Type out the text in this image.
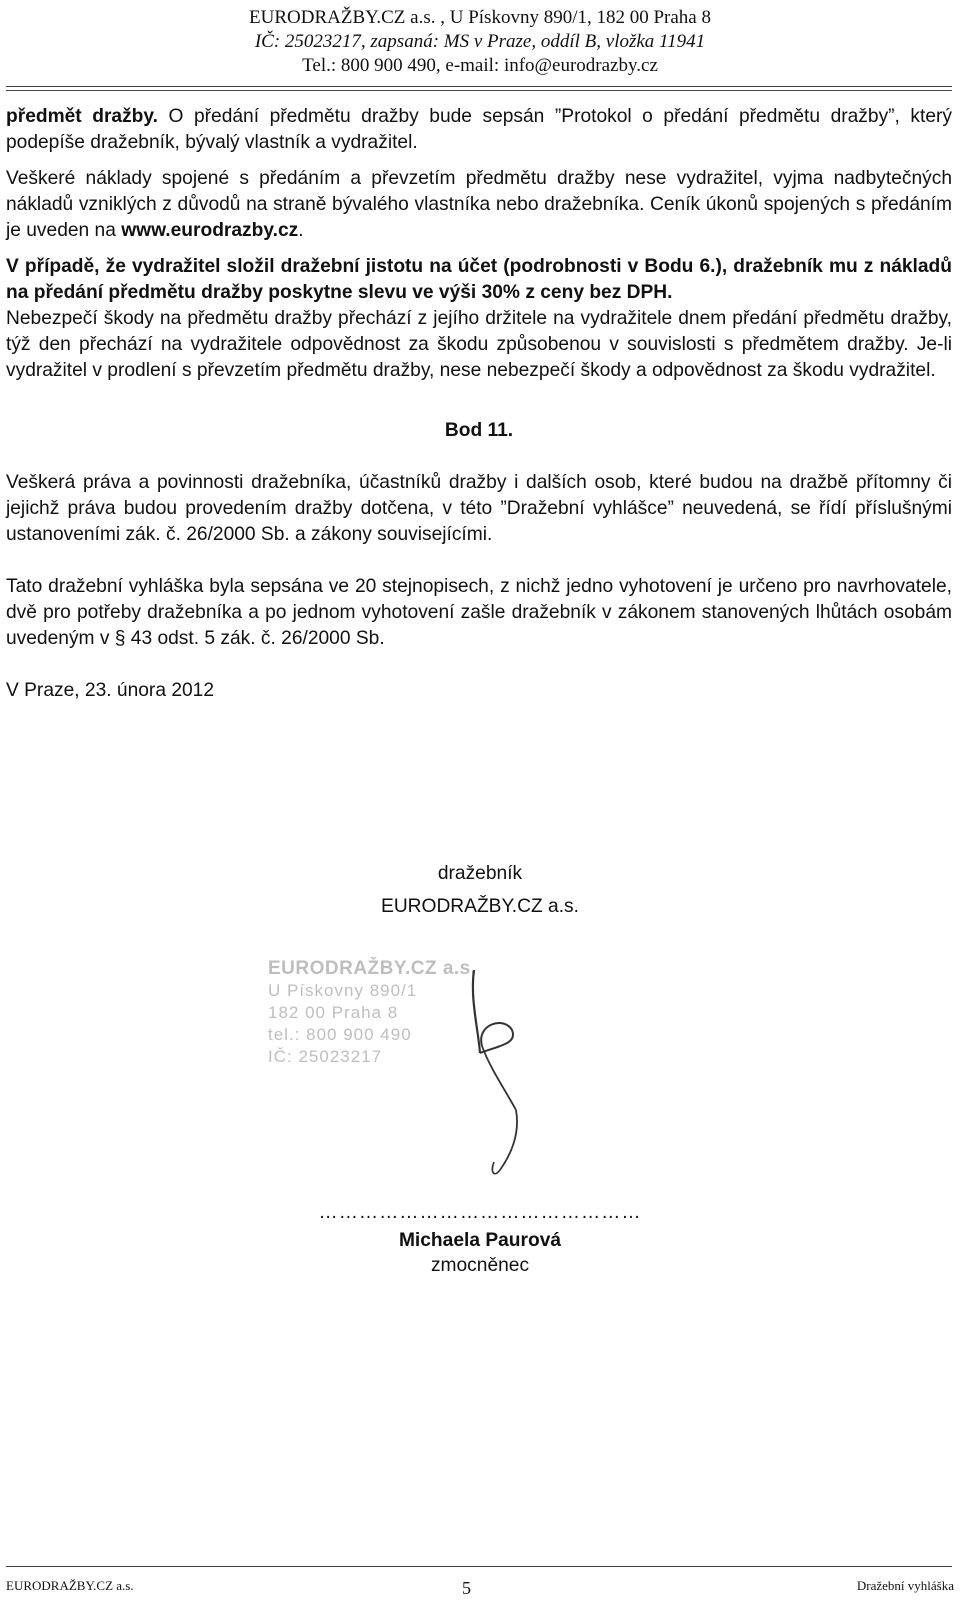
EURODRAŽBY.CZ a.s. , U Pískovny 890/1, 182 00 Praha 8
IČ: 25023217, zapsaná: MS v Praze, oddíl B, vložka 11941
Tel.: 800 900 490, e-mail: info@eurodrazby.cz

předmět dražby. O předání předmětu dražby bude sepsán ”Protokol o předání předmětu dražby”, který podepíše dražebník, bývalý vlastník a vydražitel.

Veškeré náklady spojené s předáním a převzetím předmětu dražby nese vydražitel, vyjma nadbytečných nákladů vzniklých z důvodů na straně bývalého vlastníka nebo dražebníka. Ceník úkonů spojených s předáním je uveden na www.eurodrazby.cz.

V případě, že vydražitel složil dražební jistotu na účet (podrobnosti v Bodu 6.), dražebník mu z nákladů na předání předmětu dražby poskytne slevu ve výši 30% z ceny bez DPH.

Nebezpečí škody na předmětu dražby přechází z jejího držitele na vydražitele dnem předání předmětu dražby, týž den přechází na vydražitele odpovědnost za škodu způsobenou v souvislosti s předmětem dražby. Je-li vydražitel v prodlení s převzetím předmětu dražby, nese nebezpečí škody a odpovědnost za škodu vydražitel.

Bod 11.

Veškerá práva a povinnosti dražebníka, účastníků dražby i dalších osob, které budou na dražbě přítomny či jejichž práva budou provedením dražby dotčena, v této ”Dražební vyhlášce” neuvedená, se řídí příslušnými ustanoveními zák. č. 26/2000 Sb. a zákony souvisejícími.

Tato dražební vyhláška byla sepsána ve 20 stejnopisech, z nichž jedno vyhotovení je určeno pro navrhovatele, dvě pro potřeby dražebníka a po jednom vyhotovení zašle dražebník v zákonem stanovených lhůtách osobám uvedeným v § 43 odst. 5 zák. č. 26/2000 Sb.

V Praze, 23. února 2012

dražebník
EURODRAŽBY.CZ a.s.
EURODRAŽBY.CZ a.s.
U Pískovny 890/1
182 00 Praha 8
tel.: 800 900 490
IČ: 25023217
…………………………………………
Michaela Paurová
zmocněnec
EURODRAŽBY.CZ a.s.	5	Dražební vyhláška
